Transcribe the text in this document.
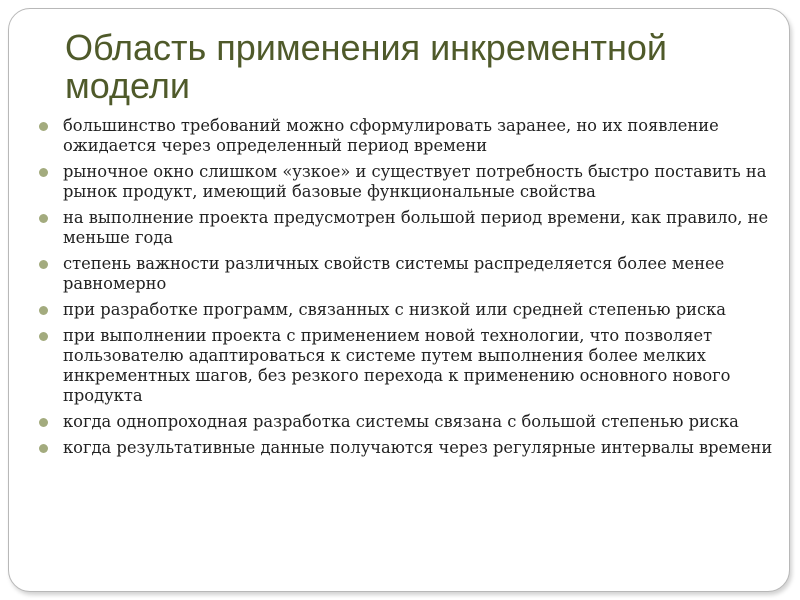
Область применения инкрементной модели
большинство требований можно сформулировать заранее, но их появление ожидается через определенный период времени
рыночное окно слишком «узкое» и существует потребность быстро поставить на рынок продукт, имеющий базовые функциональные свойства
на выполнение проекта предусмотрен большой период времени, как правило, не меньше года
степень важности различных свойств системы распределяется более менее равномерно
при разработке программ, связанных с низкой или средней степенью риска
при выполнении проекта с применением новой технологии, что позволяет пользователю адаптироваться к системе путем выполнения более мелких инкрементных шагов, без резкого перехода к применению основного нового продукта
когда однопроходная разработка системы связана с большой степенью риска
когда результативные данные получаются через регулярные интервалы времени
